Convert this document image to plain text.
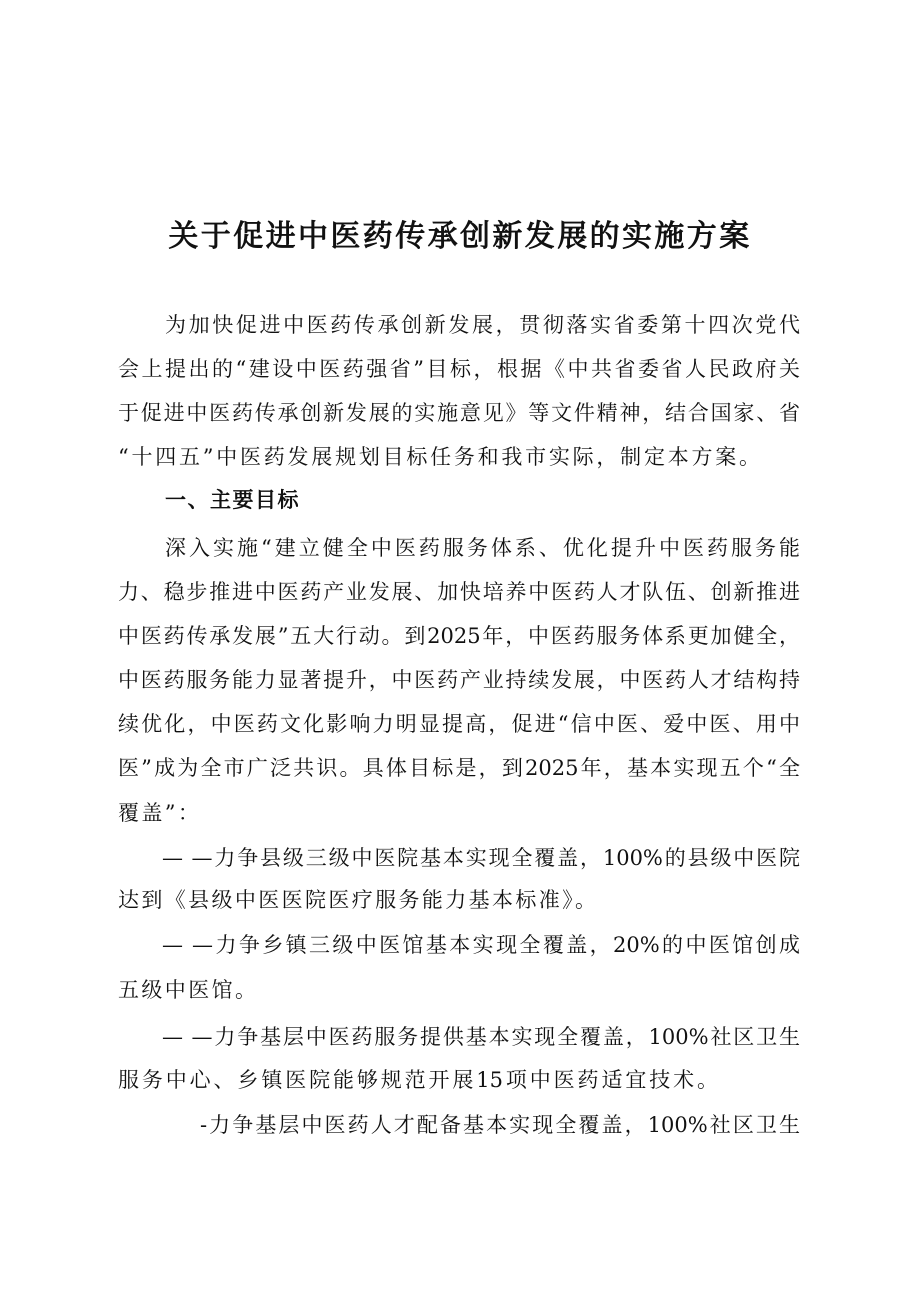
关于促进中医药传承创新发展的实施方案
为加快促进中医药传承创新发展，贯彻落实省委第十四次党代
会上提出的“建设中医药强省”目标，根据《中共省委省人民政府关
于促进中医药传承创新发展的实施意见》等文件精神，结合国家、省
“十四五”中医药发展规划目标任务和我市实际，制定本方案。
一、主要目标
深入实施“建立健全中医药服务体系、优化提升中医药服务能
力、稳步推进中医药产业发展、加快培养中医药人才队伍、创新推进
中医药传承发展”五大行动。到2025年，中医药服务体系更加健全，
中医药服务能力显著提升，中医药产业持续发展，中医药人才结构持
续优化，中医药文化影响力明显提高，促进“信中医、爱中医、用中
医”成为全市广泛共识。具体目标是，到2025年，基本实现五个“全
覆盖”：
— —力争县级三级中医院基本实现全覆盖，100%的县级中医院
达到《县级中医医院医疗服务能力基本标准》。
— —力争乡镇三级中医馆基本实现全覆盖，20%的中医馆创成
五级中医馆。
— —力争基层中医药服务提供基本实现全覆盖，100%社区卫生
服务中心、乡镇医院能够规范开展15项中医药适宜技术。
-力争基层中医药人才配备基本实现全覆盖，100%社区卫生
